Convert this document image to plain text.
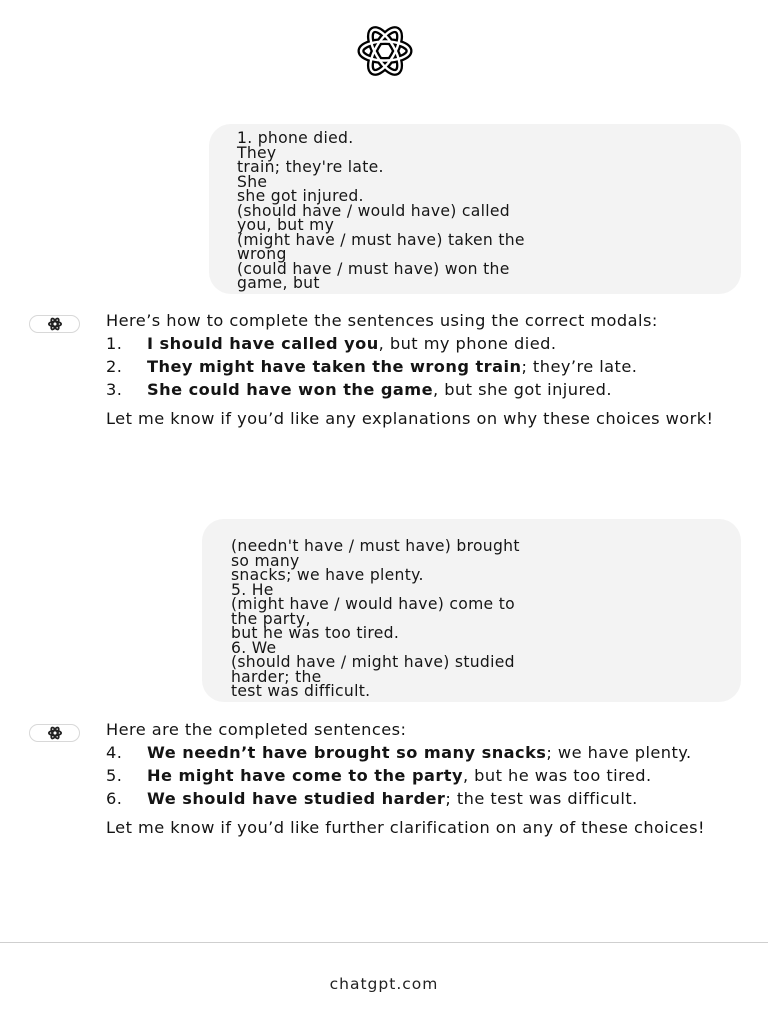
1. phone died.
They
train; they're late.
She
she got injured.
(should have / would have) called
you, but my
(might have / must have) taken the
wrong
(could have / must have) won the
game, but

Here’s how to complete the sentences using the correct modals:

1. I should have called you, but my phone died.
2. They might have taken the wrong train; they’re late.
3. She could have won the game, but she got injured.

Let me know if you’d like any explanations on why these choices work!

(needn't have / must have) brought
so many
snacks; we have plenty.
5. He
(might have / would have) come to
the party,
but he was too tired.
6. We
(should have / might have) studied
harder; the
test was difficult.

Here are the completed sentences:

4. We needn’t have brought so many snacks; we have plenty.
5. He might have come to the party, but he was too tired.
6. We should have studied harder; the test was difficult.

Let me know if you’d like further clarification on any of these choices!

chatgpt.com
